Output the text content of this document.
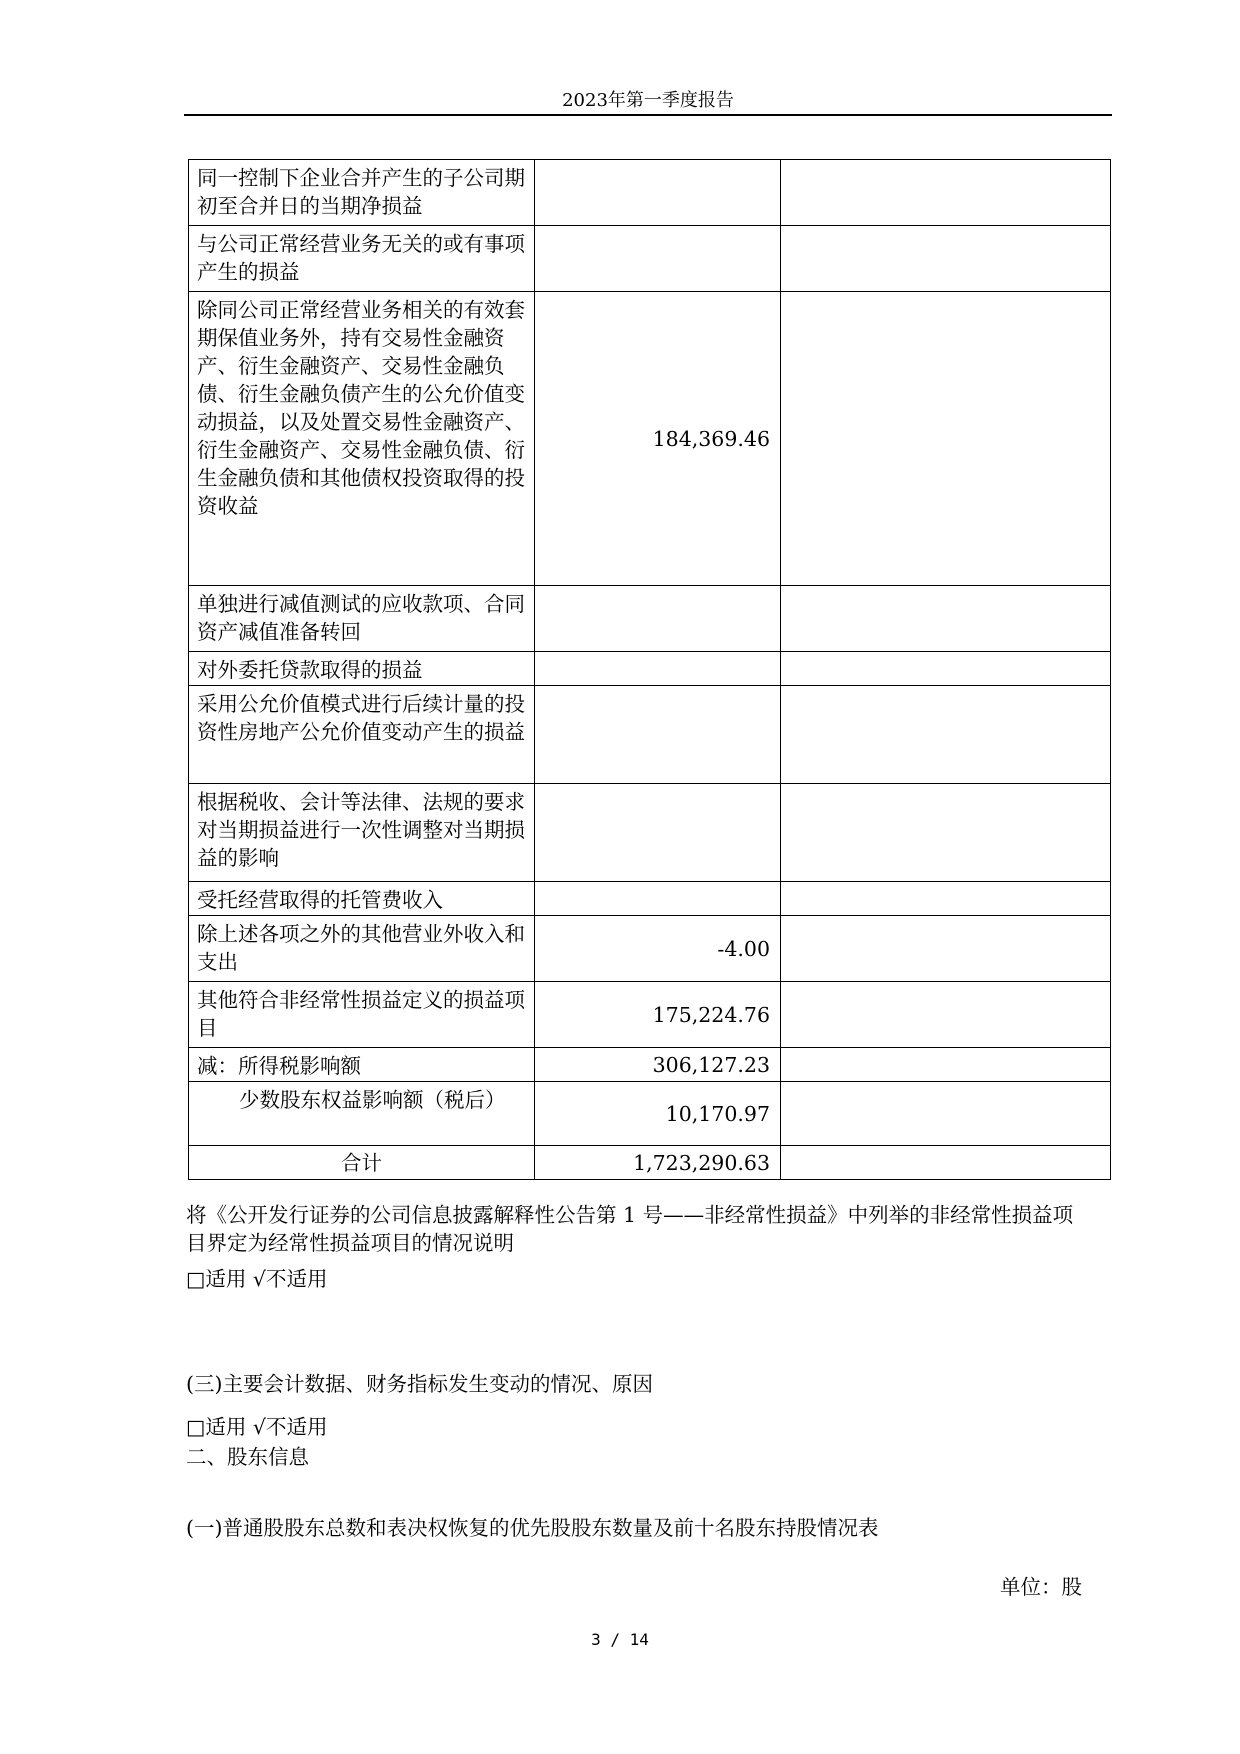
2023年第一季度报告
同一控制下企业合并产生的子公司期初至合并日的当期净损益		
与公司正常经营业务无关的或有事项产生的损益		
除同公司正常经营业务相关的有效套期保值业务外，持有交易性金融资产、衍生金融资产、交易性金融负债、衍生金融负债产生的公允价值变动损益，以及处置交易性金融资产、衍生金融资产、交易性金融负债、衍生金融负债和其他债权投资取得的投资收益	184,369.46	
单独进行减值测试的应收款项、合同资产减值准备转回		
对外委托贷款取得的损益		
采用公允价值模式进行后续计量的投资性房地产公允价值变动产生的损益		
根据税收、会计等法律、法规的要求对当期损益进行一次性调整对当期损益的影响		
受托经营取得的托管费收入		
除上述各项之外的其他营业外收入和支出	-4.00	
其他符合非经常性损益定义的损益项目	175,224.76	
减：所得税影响额	306,127.23	
少数股东权益影响额（税后）	10,170.97	
合计	1,723,290.63	
将《公开发行证券的公司信息披露解释性公告第 1 号——非经常性损益》中列举的非经常性损益项目界定为经常性损益项目的情况说明
□适用 √不适用
(三)主要会计数据、财务指标发生变动的情况、原因
□适用 √不适用
二、股东信息
(一)普通股股东总数和表决权恢复的优先股股东数量及前十名股东持股情况表
单位：股
3 / 14
